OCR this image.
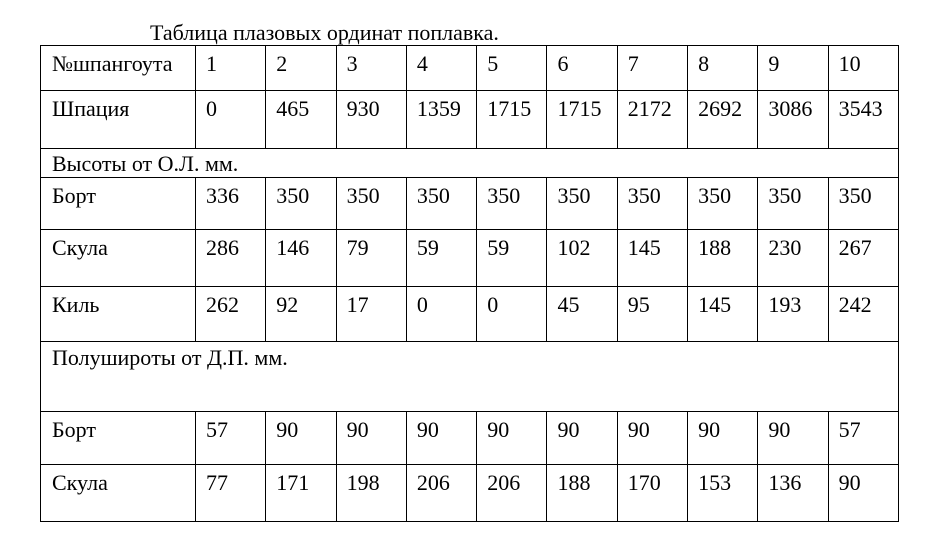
Таблица плазовых ординат поплавка.
№шпангоута	1	2	3	4	5	6	7	8	9	10
Шпация	0	465	930	1359	1715	1715	2172	2692	3086	3543
Высоты от О.Л. мм.										
Борт	336	350	350	350	350	350	350	350	350	350
Скула	286	146	79	59	59	102	145	188	230	267
Киль	262	92	17	0	0	45	95	145	193	242
Полуширoты от Д.П. мм.										
Борт	57	90	90	90	90	90	90	90	90	57
Скула	77	171	198	206	206	188	170	153	136	90
